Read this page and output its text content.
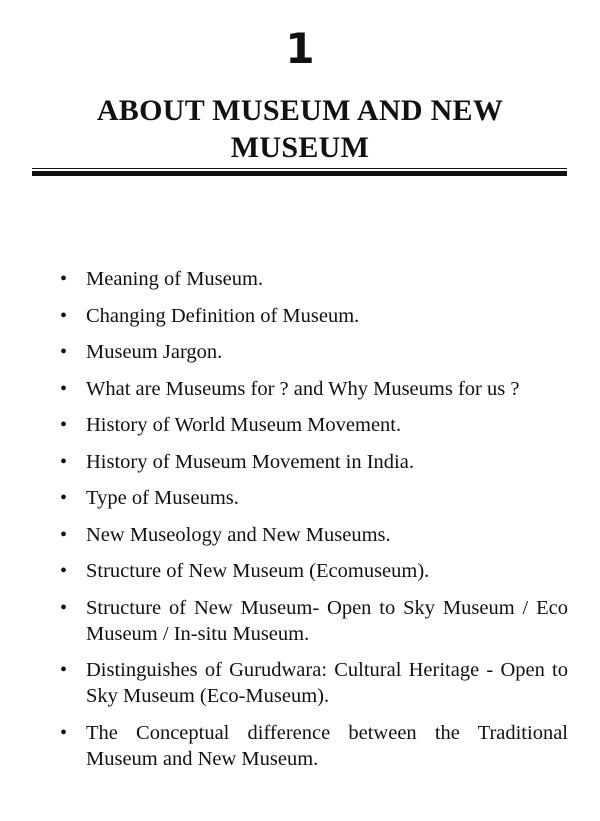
1
ABOUT MUSEUM AND NEW
MUSEUM
• Meaning of Museum.
• Changing Definition of Museum.
• Museum Jargon.
• What are Museums for ? and Why Museums for us ?
• History of World Museum Movement.
• History of Museum Movement in India.
• Type of Museums.
• New Museology and New Museums.
• Structure of New Museum (Ecomuseum).
• Structure of New Museum- Open to Sky Museum / Eco Museum / In-situ Museum.
• Distinguishes of Gurudwara: Cultural Heritage - Open to Sky Museum (Eco-Museum).
• The Conceptual difference between the Traditional Museum and New Museum.
